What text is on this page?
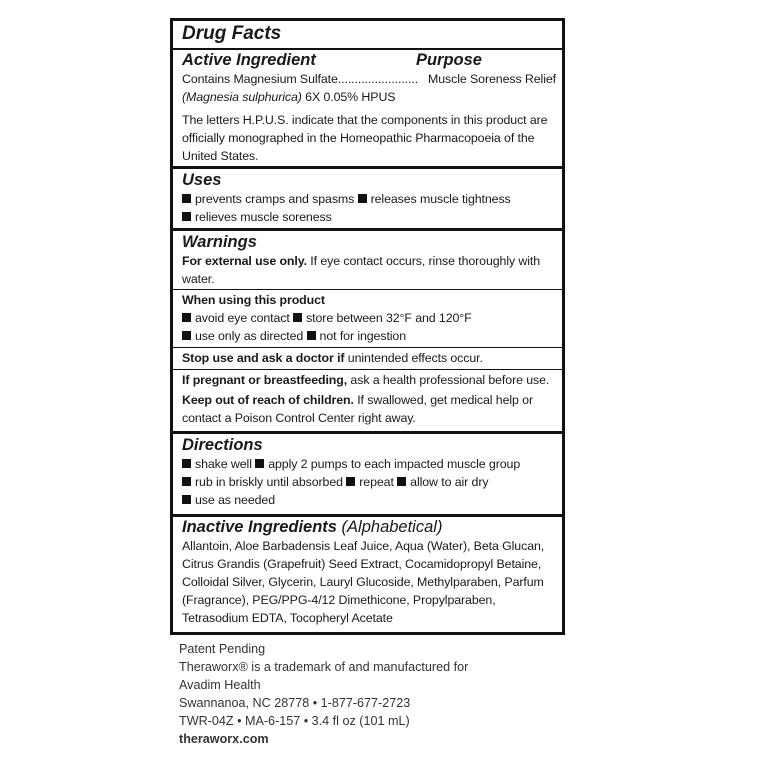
Drug Facts

Active Ingredient	Purpose

Contains Magnesium Sulfate........................ Muscle Soreness Relief

(Magnesia sulphurica) 6X 0.05% HPUS

The letters H.P.U.S. indicate that the components in this product are

officially monographed in the Homeopathic Pharmacopoeia of the

United States.

Uses

prevents cramps and spasms releases muscle tightness

relieves muscle soreness

Warnings

For external use only. If eye contact occurs, rinse thoroughly with

water.

When using this product

avoid eye contact store between 32°F and 120°F

use only as directed not for ingestion

Stop use and ask a doctor if unintended effects occur.

If pregnant or breastfeeding, ask a health professional before use.

Keep out of reach of children. If swallowed, get medical help or

contact a Poison Control Center right away.

Directions

shake well apply 2 pumps to each impacted muscle group

rub in briskly until absorbed repeat allow to air dry

use as needed

Inactive Ingredients (Alphabetical)

Allantoin, Aloe Barbadensis Leaf Juice, Aqua (Water), Beta Glucan,

Citrus Grandis (Grapefruit) Seed Extract, Cocamidopropyl Betaine,

Colloidal Silver, Glycerin, Lauryl Glucoside, Methylparaben, Parfum

(Fragrance), PEG/PPG-4/12 Dimethicone, Propylparaben,

Tetrasodium EDTA, Tocopheryl Acetate

Patent Pending

Theraworx® is a trademark of and manufactured for

Avadim Health

Swannanoa, NC 28778 • 1-877-677-2723

TWR-04Z • MA-6-157 • 3.4 fl oz (101 mL)

theraworx.com
